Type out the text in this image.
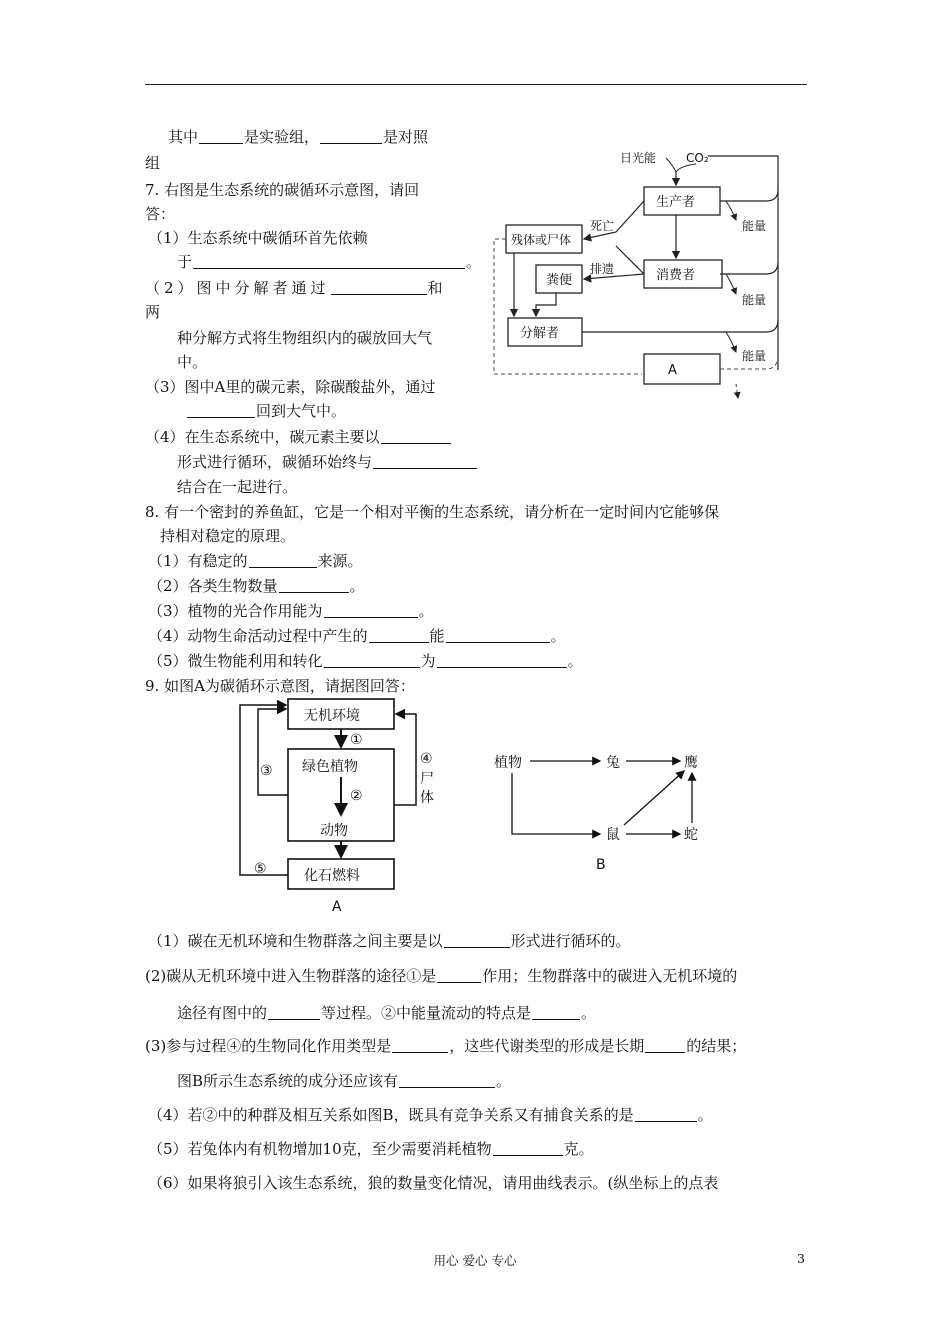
其中	是实验组，	是对照
组
7. 右图是生态系统的碳循环示意图，请回
答：
（1）生态系统中碳循环首先依赖
于	。
（2）图中分解者通过	和
两
种分解方式将生物组织内的碳放回大气
中。
（3）图中A里的碳元素，除碳酸盐外，通过
回到大气中。
（4）在生态系统中，碳元素主要以
形式进行循环，碳循环始终与
结合在一起进行。
日光能 CO₂
生产者
消费者
残体或尸体
粪便
分解者
A
死亡
排遗
能量
能量
能量
8. 有一个密封的养鱼缸，它是一个相对平衡的生态系统，请分析在一定时间内它能够保
持相对稳定的原理。
（1）有稳定的	来源。
（2）各类生物数量	。
（3）植物的光合作用能为	。
（4）动物生命活动过程中产生的	能	。
（5）微生物能利用和转化	为	。
9. 如图A为碳循环示意图，请据图回答：
无机环境
绿色植物
动物
化石燃料
①
②
④
尸
体
③
⑤
A
植物	兔	鹰
鼠	蛇
B
（1）碳在无机环境和生物群落之间主要是以	形式进行循环的。
(2)碳从无机环境中进入生物群落的途径①是	作用；生物群落中的碳进入无机环境的
途径有图中的	等过程。②中能量流动的特点是	。
(3)参与过程④的生物同化作用类型是	，这些代谢类型的形成是长期	的结果；
图B所示生态系统的成分还应该有	。
（4）若②中的种群及相互关系如图B，既具有竞争关系又有捕食关系的是	。
（5）若兔体内有机物增加10克，至少需要消耗植物	克。
（6）如果将狼引入该生态系统，狼的数量变化情况，请用曲线表示。(纵坐标上的点表
用心 爱心 专心	3
